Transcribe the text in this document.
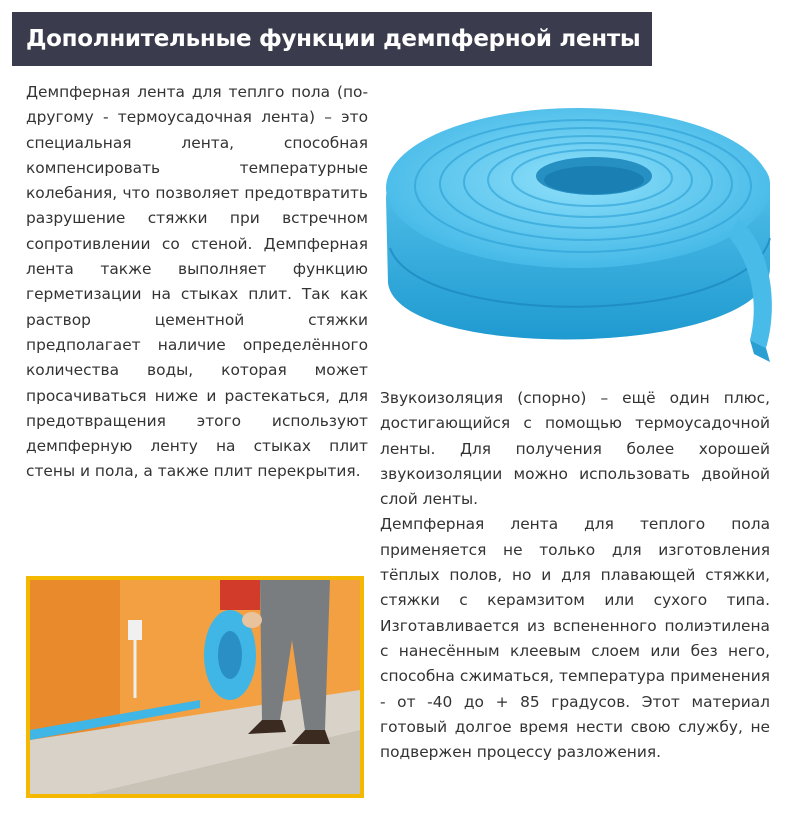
Дополнительные функции демпферной ленты

Демпферная лента для теплго пола (по-другому - термоусадочная лента) – это специальная лента, способная компенсировать температурные колебания, что позволяет предотвратить разрушение стяжки при встречном сопротивлении со стеной. Демпферная лента также выполняет функцию герметизации на стыках плит. Так как раствор цементной стяжки предполагает наличие определённого количества воды, которая может просачиваться ниже и растекаться, для предотвращения этого используют демпферную ленту на стыках плит стены и пола, а также плит перекрытия.

Звукоизоляция (спорно) – ещё один плюс, достигающийся с помощью термоусадочной ленты. Для получения более хорошей звукоизоляции можно использовать двойной слой ленты.

Демпферная лента для теплого пола применяется не только для изготовления тёплых полов, но и для плавающей стяжки, стяжки с керамзитом или сухого типа. Изготавливается из вспененного полиэтилена с нанесённым клеевым слоем или без него, способна сжиматься, температура применения - от -40 до + 85 градусов. Этот материал готовый долгое время нести свою службу, не подвержен процессу разложения.
